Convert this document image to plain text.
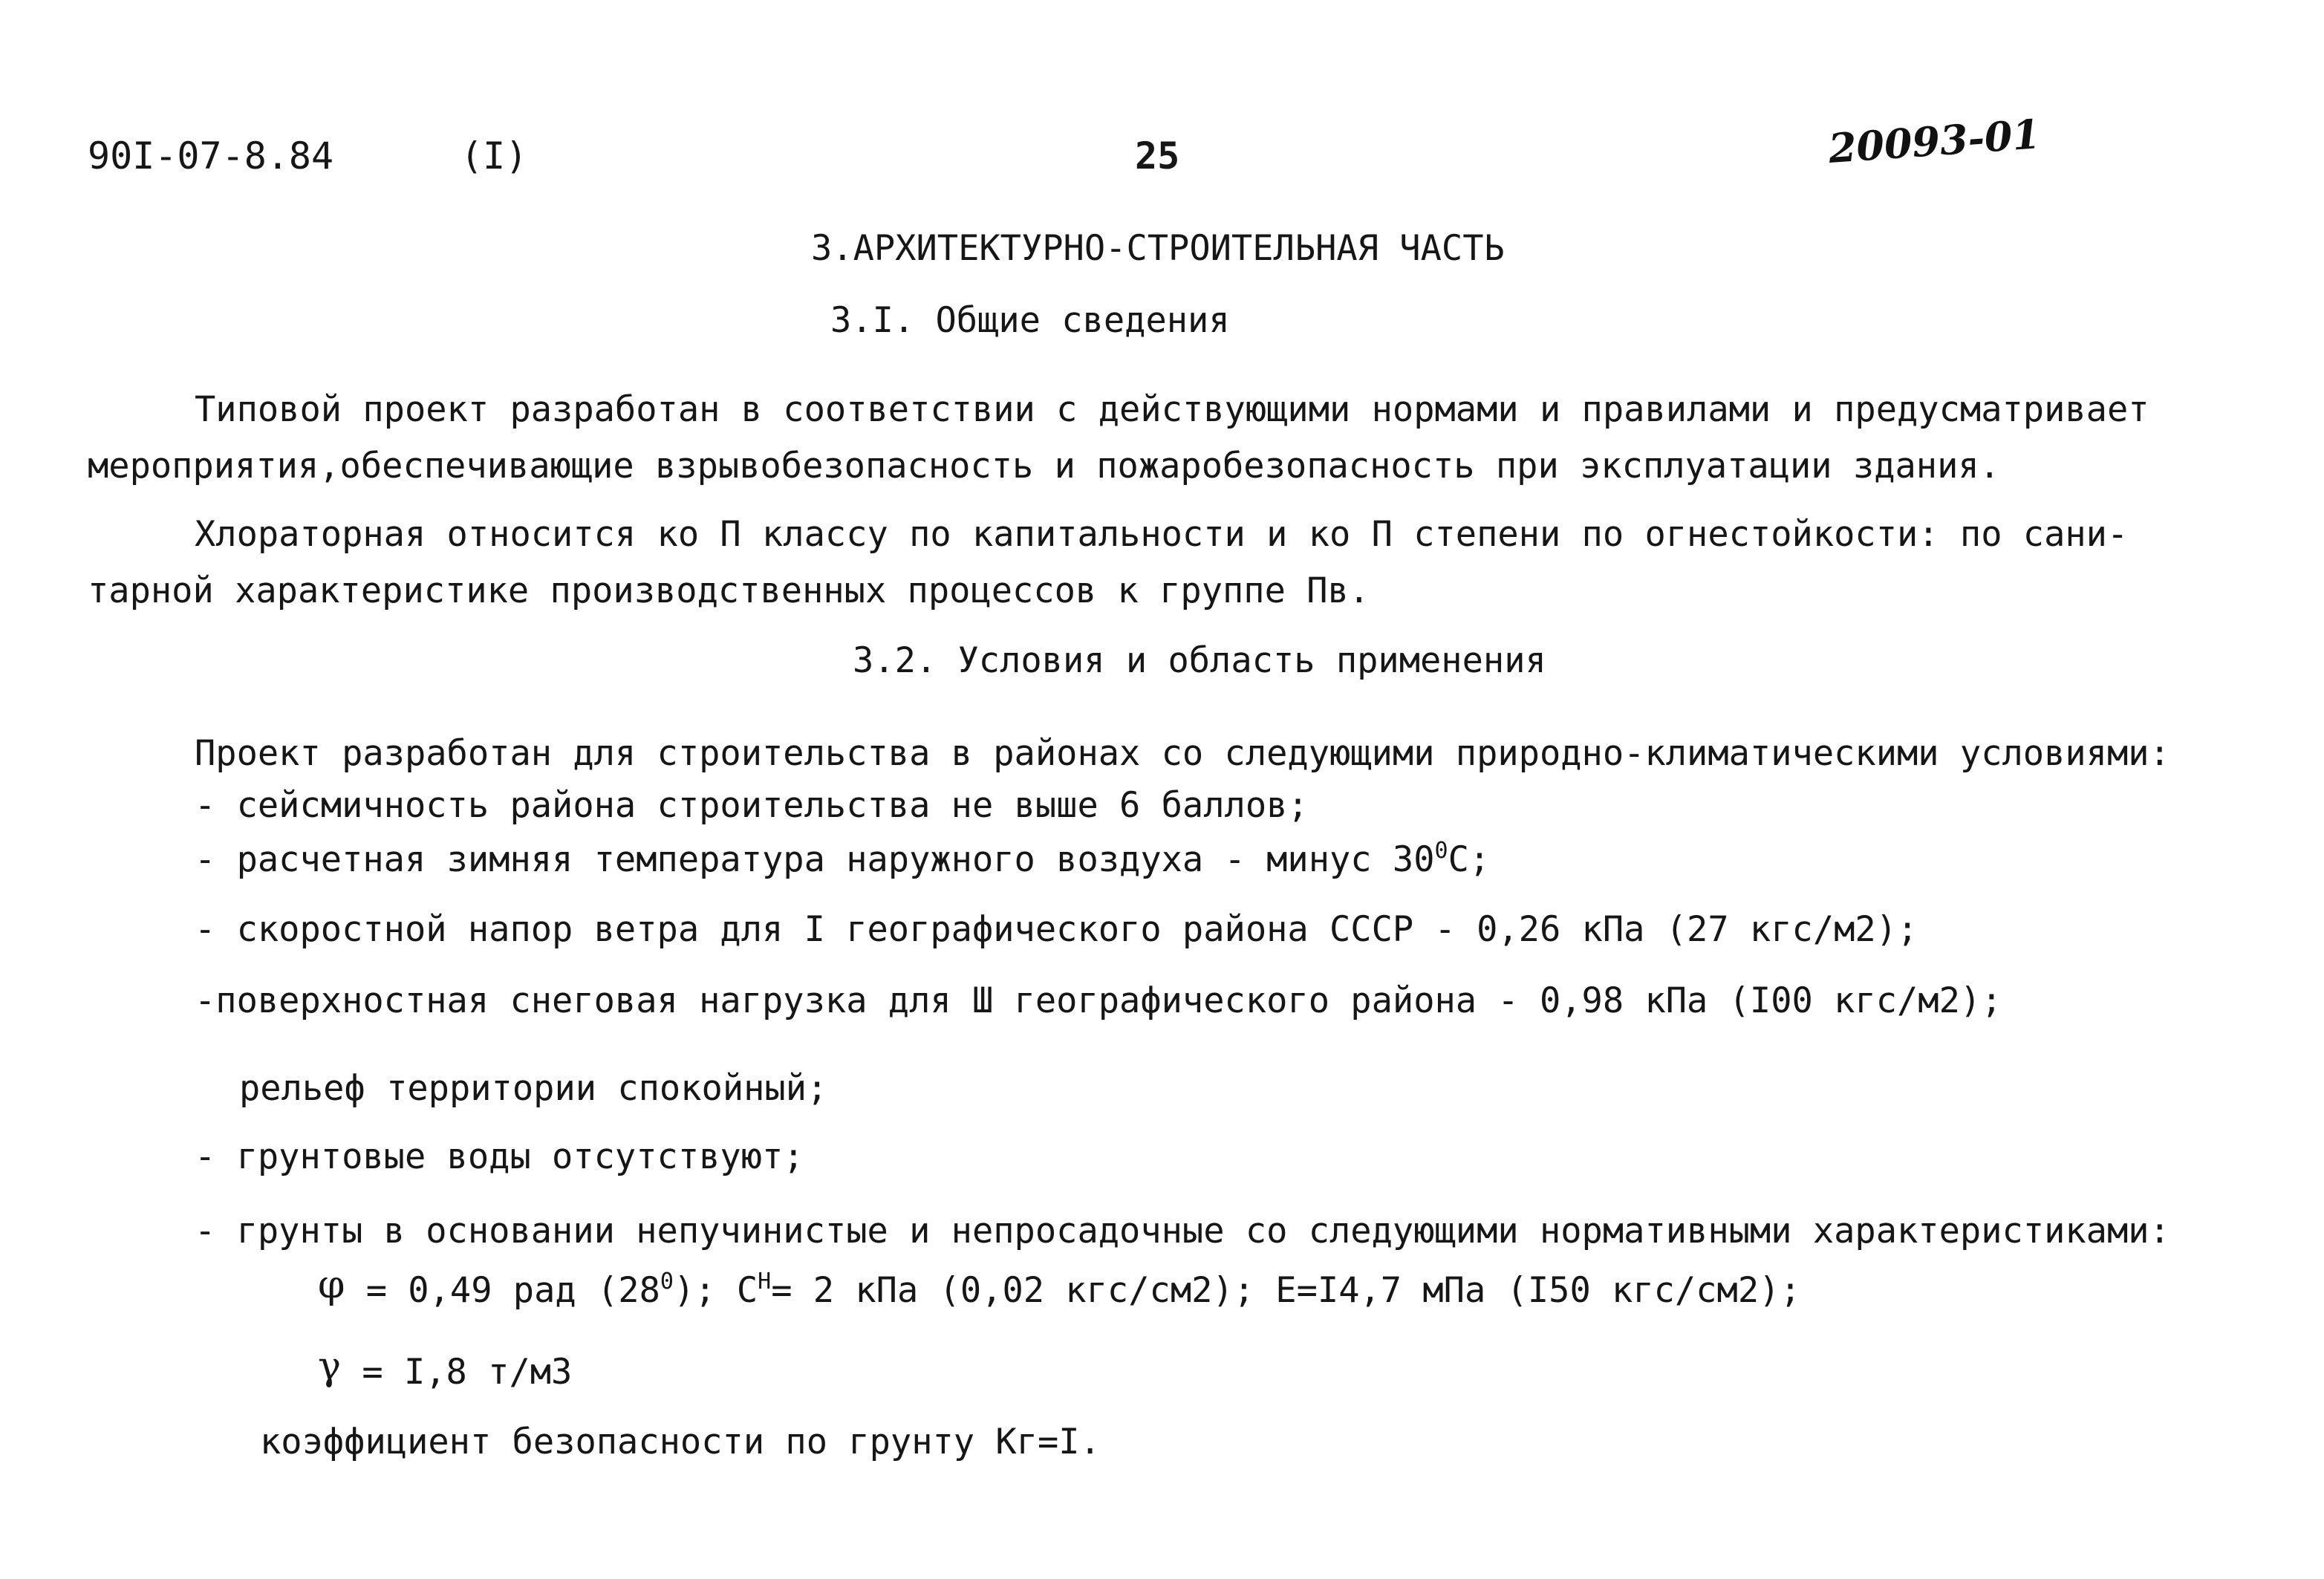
90I-07-8.84	(I)	25	20093-01
3.АРХИТЕКТУРНО-СТРОИТЕЛЬНАЯ ЧАСТЬ
3.I. Общие сведения
Типовой проект разработан в соответствии с действующими нормами и правилами и предусматривает
мероприятия,обеспечивающие взрывобезопасность и пожаробезопасность при эксплуатации здания.
Хлораторная относится ко П классу по капитальности и ко П степени по огнестойкости: по сани-
тарной характеристике производственных процессов к группе Пв.
3.2. Условия и область применения
Проект разработан для строительства в районах со следующими природно-климатическими условиями:
- сейсмичность района строительства не выше 6 баллов;
- расчетная зимняя температура наружного воздуха - минус $30^0С$;
- скоростной напор ветра для I географического района СССР - 0,26 кПа (27 кгс/м2);
-поверхностная снеговая нагрузка для Ш географического района - 0,98 кПа (I00 кгс/м2);
рельеф территории спокойный;
- грунтовые воды отсутствуют;
- грунты в основании непучинистые и непросадочные со следующими нормативными характеристиками:
φ = 0,49 рад $(28^0)$; $С^Н= 2$ кПа (0,02 кгс/см2); Е=I4,7 мПа (I50 кгс/см2);
γ = I,8 т/м3
коэффициент безопасности по грунту Кг=I.
